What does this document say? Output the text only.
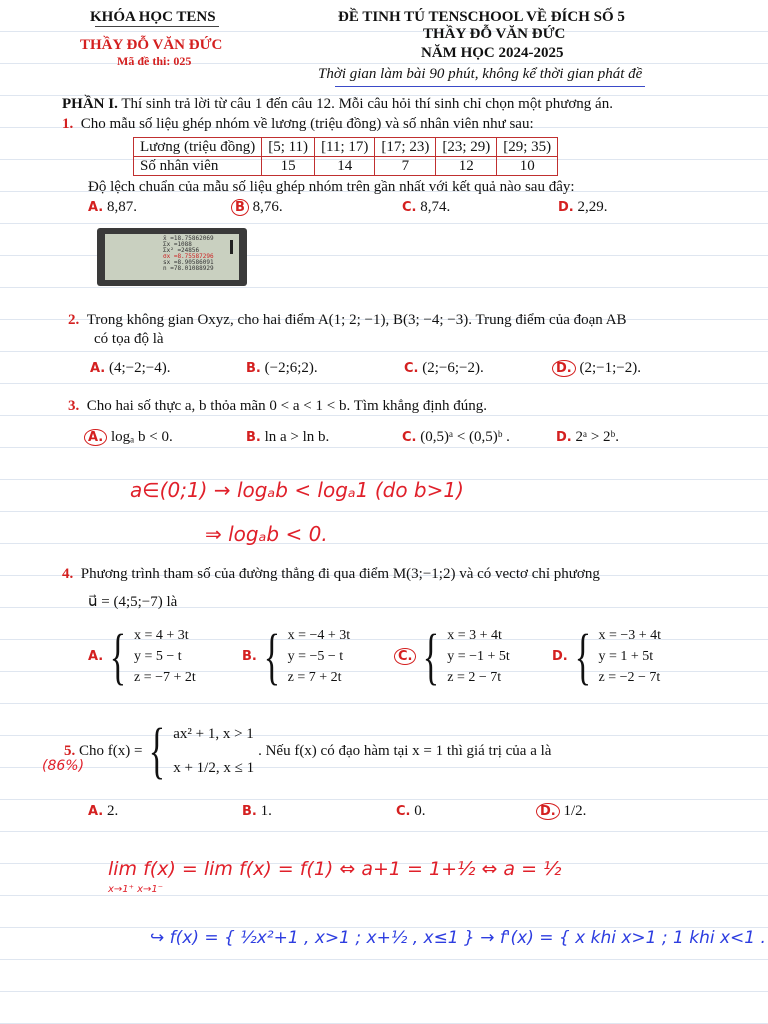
KHÓA HỌC TENS
THẦY ĐỖ VĂN ĐỨC
Mã đề thi: 025
ĐỀ TINH TÚ TENSCHOOL VỀ ĐÍCH SỐ 5
THẦY ĐỖ VĂN ĐỨC
NĂM HỌC 2024-2025
Thời gian làm bài 90 phút, không kể thời gian phát đề
PHẦN I. Thí sinh trả lời từ câu 1 đến câu 12. Mỗi câu hỏi thí sinh chỉ chọn một phương án.
1. Cho mẫu số liệu ghép nhóm về lương (triệu đồng) và số nhân viên như sau:
Lương (triệu đồng)	[5; 11)	[11; 17)	[17; 23)	[23; 29)	[29; 35)
Số nhân viên	15	14	7	12	10
Độ lệch chuẩn của mẫu số liệu ghép nhóm trên gần nhất với kết quả nào sau đây:
A. 8,87.	B 8,76.	C. 8,74.	D. 2,29.
x̄ =18.75862069
Σx =1088
Σx² =24856
σx =8.75587296
sx =8.90586091
n =78.01088929
2. Trong không gian Oxyz, cho hai điểm A(1; 2; −1), B(3; −4; −3). Trung điểm của đoạn AB
có tọa độ là
A. (4;−2;−4).	B. (−2;6;2).	C. (2;−6;−2).	D. (2;−1;−2).
3. Cho hai số thực a, b thỏa mãn 0 < a < 1 < b. Tìm khẳng định đúng.
A. logₐ b < 0.	B. ln a > ln b.	C. (0,5)ᵃ < (0,5)ᵇ .	D. 2ᵃ > 2ᵇ.
a∈(0;1) → logₐb < logₐ1 (do b>1)
⇒ logₐb < 0.
4. Phương trình tham số của đường thẳng đi qua điểm M(3;−1;2) và có vectơ chỉ phương
u⃗ = (4;5;−7) là
A. { x = 4 + 3t
y = 5 − t
z = −7 + 2t
B. { x = −4 + 3t
y = −5 − t
z = 7 + 2t
C. { x = 3 + 4t
y = −1 + 5t
z = 2 − 7t
D. { x = −3 + 4t
y = 1 + 5t
z = −2 − 7t
(86%)
5.
Cho f(x) = { ax² + 1, x > 1
x + 1/2, x ≤ 1
. Nếu f(x) có đạo hàm tại x = 1 thì giá trị của a là
A. 2.	B. 1.	C. 0.	D. 1/2.
lim f(x) = lim f(x) = f(1) ⇔ a+1 = 1+½ ⇔ a = ½
x→1⁺ x→1⁻
↪ f(x) = { ½x²+1 , x>1 ; x+½ , x≤1 } → f'(x) = { x khi x>1 ; 1 khi x<1 .
